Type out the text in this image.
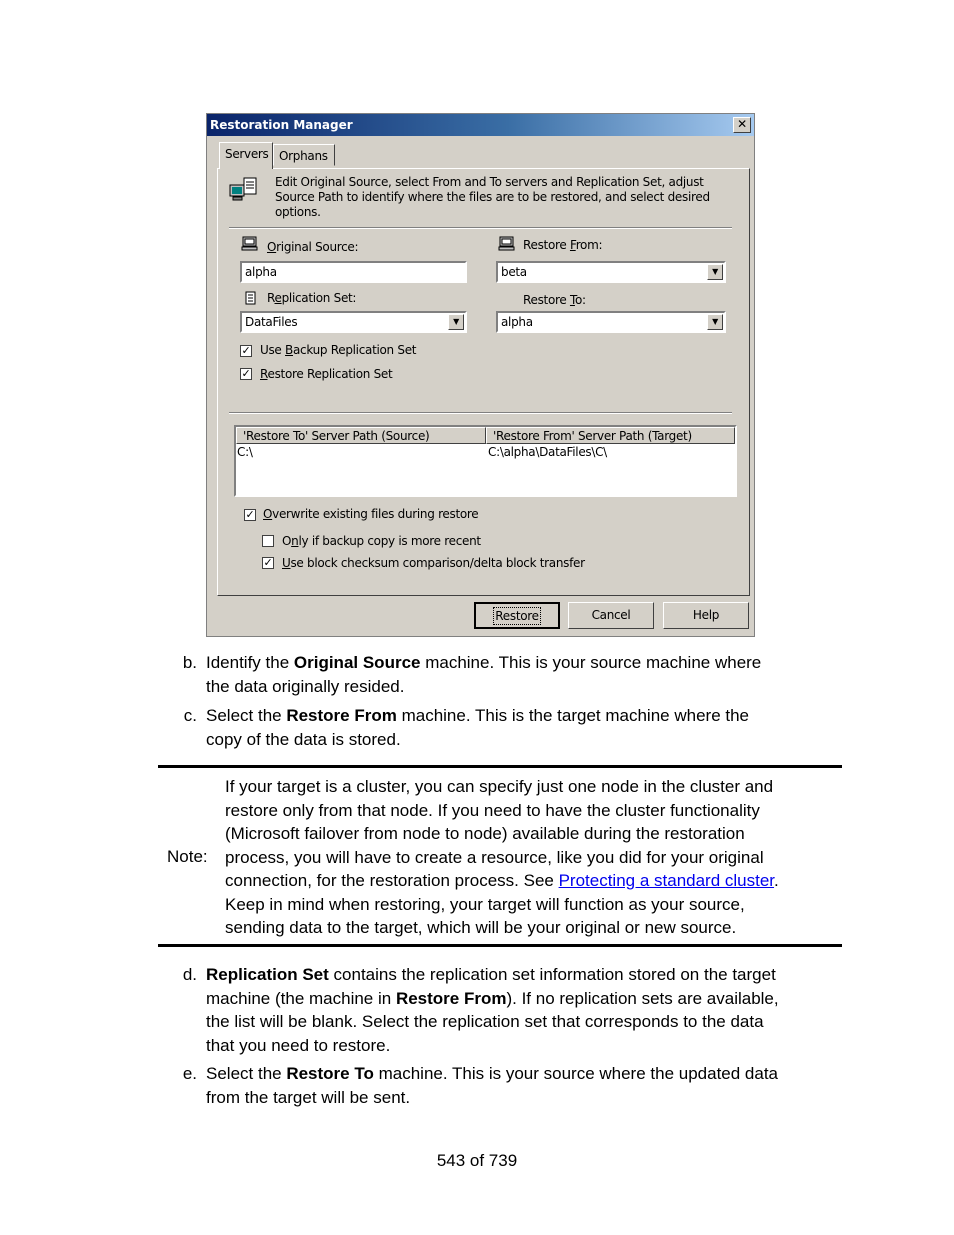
Restoration Manager	✕
Servers Orphans
Edit Original Source, select From and To servers and Replication Set, adjust
Source Path to identify where the files are to be restored, and select desired
options.
Original Source:
alpha
Restore From:
beta	▼
Replication Set:
DataFiles	▼
Restore To:
alpha	▼
✓ Use Backup Replication Set
✓ Restore Replication Set
'Restore To' Server Path (Source)	'Restore From' Server Path (Target)
C:\	C:\alpha\DataFiles\C\
✓ Overwrite existing files during restore
Only if backup copy is more recent
✓ Use block checksum comparison/delta block transfer
Restore	Cancel	Help
b. Identify the Original Source machine. This is your source machine where
the data originally resided.
c. Select the Restore From machine. This is the target machine where the
copy of the data is stored.
Note:
If your target is a cluster, you can specify just one node in the cluster and
restore only from that node. If you need to have the cluster functionality
(Microsoft failover from node to node) available during the restoration
process, you will have to create a resource, like you did for your original
connection, for the restoration process. See Protecting a standard cluster.
Keep in mind when restoring, your target will function as your source,
sending data to the target, which will be your original or new source.
d. Replication Set contains the replication set information stored on the target
machine (the machine in Restore From). If no replication sets are available,
the list will be blank. Select the replication set that corresponds to the data
that you need to restore.
e. Select the Restore To machine. This is your source where the updated data
from the target will be sent.
543 of 739
